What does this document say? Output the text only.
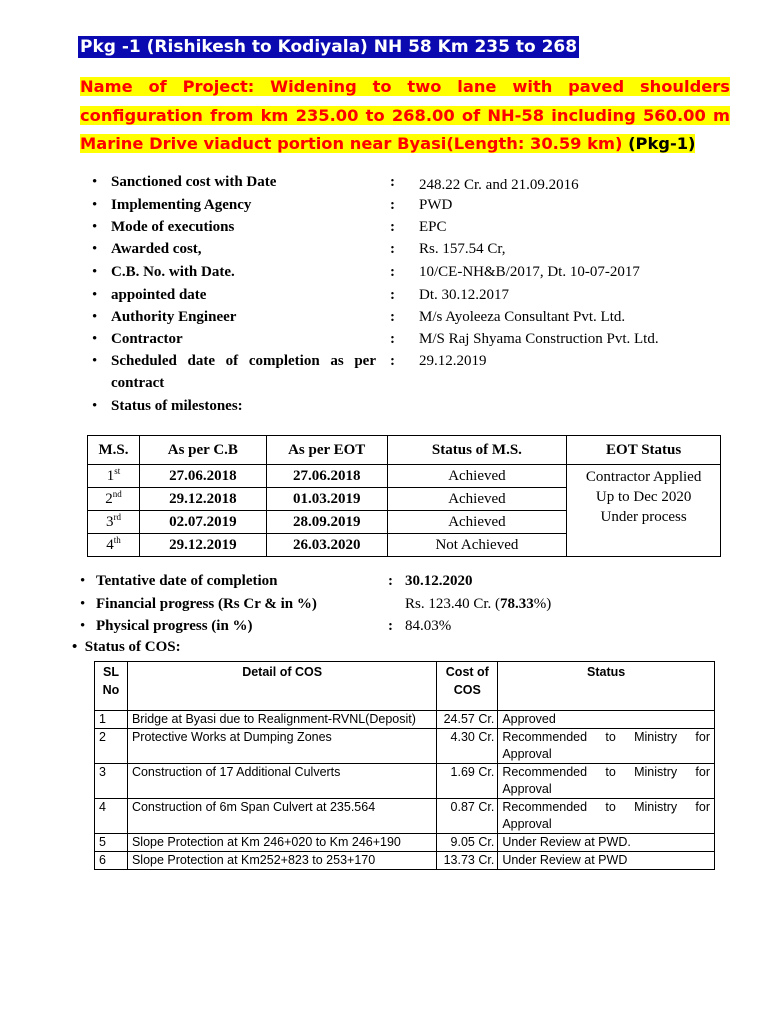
Pkg -1 (Rishikesh to Kodiyala) NH 58 Km 235 to 268
Name of Project: Widening to two lane with paved shoulders
configuration from km 235.00 to 268.00 of NH-58 including 560.00 m
Marine Drive viaduct portion near Byasi(Length: 30.59 km) (Pkg-1)
• Sanctioned cost with Date	: 248.22 Cr. and 21.09.2016
• Implementing Agency	: PWD
• Mode of executions	: EPC
• Awarded cost,	: Rs. 157.54 Cr,
• C.B. No. with Date.	: 10/CE-NH&B/2017, Dt. 10-07-2017
• appointed date	: Dt. 30.12.2017
• Authority Engineer	: M/s Ayoleeza Consultant Pvt. Ltd.
• Contractor	: M/S Raj Shyama Construction Pvt. Ltd.
• Scheduled date of completion as per contract
: 29.12.2019
• Status of milestones:
M.S.	As per C.B	As per EOT	Status of M.S.	EOT Status
1st	27.06.2018	27.06.2018	Achieved	Contractor Applied
Up to Dec 2020
Under process

2nd	29.12.2018	01.03.2019	Achieved	
3rd	02.07.2019	28.09.2019	Achieved	
4th	29.12.2019	26.03.2020	Not Achieved	
• Tentative date of completion	: 30.12.2020
• Financial progress (Rs Cr & in %)	Rs. 123.40 Cr. (78.33%)
• Physical progress (in %)	: 84.03%
• Status of COS:
SL No	Detail of COS	Cost of COS	Status
1	Bridge at Byasi due to Realignment-RVNL(Deposit)	24.57 Cr.	Approved
2	Protective Works at Dumping Zones	4.30 Cr.	Recommended to Ministry for
Approval
3	Construction of 17 Additional Culverts	1.69 Cr.	Recommended to Ministry for
Approval
4	Construction of 6m Span Culvert at 235.564	0.87 Cr.	Recommended to Ministry for
Approval
5	Slope Protection at Km 246+020 to Km 246+190	9.05 Cr.	Under Review at PWD.
6	Slope Protection at Km252+823 to 253+170	13.73 Cr.	Under Review at PWD
